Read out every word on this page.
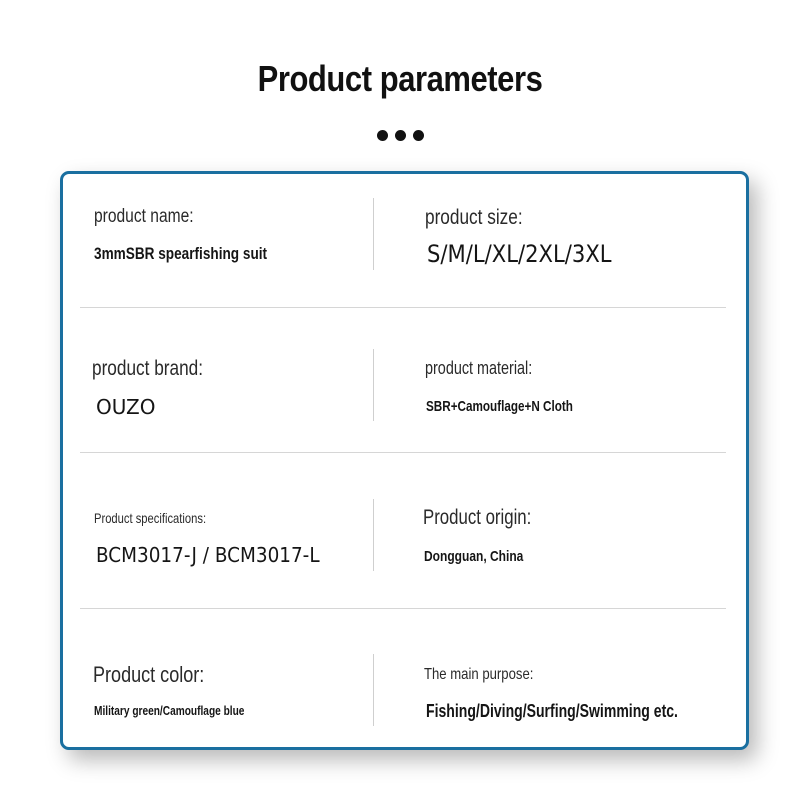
Product parameters
product name:
3mmSBR spearfishing suit
product size:
S/M/L/XL/2XL/3XL
product brand:
OUZO
product material:
SBR+Camouflage+N Cloth
Product specifications:
BCM3017-J / BCM3017-L
Product origin:
Dongguan, China
Product color:
Military green/Camouflage blue
The main purpose:
Fishing/Diving/Surfing/Swimming etc.
